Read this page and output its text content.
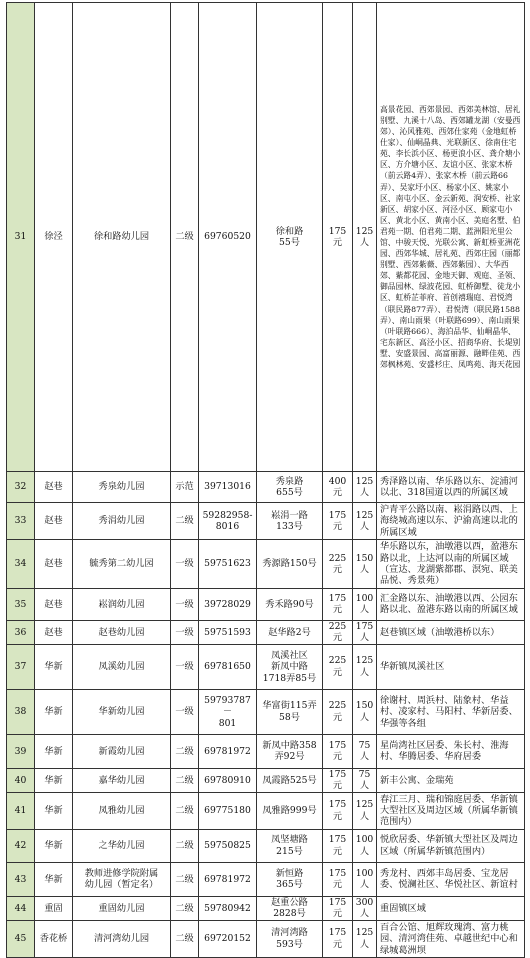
31	徐泾	徐和路幼儿园	二级	69760520	徐和路
55号	175元	125人	高景花园、西郊景园、西郊美林馆、居礼别墅、九溪十八岛、西郊罐龙湖（安曼西郊）、沁风雅苑、西郊仕家苑（金地虹桥仕家）、仙峒晶典、光联新区、徐南住宅苑、李长浜小区、杨更浪小区、龚介塘小区、方介塘小区、友谊小区、张家木桥（前云路4弄）、张家木桥（前云路66弄）、吴家圩小区、杨家小区、姚家小区、南屯小区、金云新苑、润安桥、社家新区、胡家小区、河泾小区、顾家屯小区、黄北小区、黄南小区、美庭名墅、伯君苑一期、伯君苑二期、蓝洲阳光里公馆、中骏天悦、光联公寓、新虹桥亚洲花园、西郊华城、居礼苑、西郊庄园（丽都别墅、西郊紫薇、西郊紫园）、大华西郊、紫都花园、金地天御、观庭、圣领、御品园林、绿波花园、虹桥御墅、徒龙小区、虹桥芷菲府、首创禧瑞庭、君悦湾（联民路877弄）、君悦湾（联民路1588弄）、南山雨果（叶联路699）、南山雨果（叶联路666）、海泊品华、仙峒晶华、宅东新区、高泾小区、招商华府、长堤别墅、安盛景园、高富丽源、融畔佳苑、西郊枫林苑、安盛杉庄、凤鸣苑、海天花园
32	赵巷	秀泉幼儿园	示范	39713016	秀泉路
655号	400元	125人	秀泽路以南、华乐路以东、淀浦河以北、318国道以西的所属区域
33	赵巷	秀涓幼儿园	二级	59282958-
8016	崧涓一路
133号	175元	125人	沪青平公路以南、崧涓路以西、上海绕城高速以东、沪渝高速以北的所属区域
34	赵巷	毓秀第二幼儿园	一级	59751623	秀源路150号	225元	150人	华乐路以东，油墩港以西，盈港东路以北，上达河以南的所属区域（宣达、龙湖紫都郡、溟宛、联美品悦、秀景苑）
35	赵巷	崧润幼儿园	一级	39728029	秀禾路90号	175元	100人	汇金路以东、油墩港以西、公园东路以北、盈港东路以南的所属区域
36	赵巷	赵巷幼儿园	一级	59751593	赵华路2号	225元	175人	赵巷镇区域（油墩港桥以东）
37	华新	凤溪幼儿园	一级	69781650	凤溪社区
新凤中路
1718弄85号	225元	125人	华新镇凤溪社区
38	华新	华新幼儿园	一级	59793787－
801	华富街115弄
58号	225元	150人	徐谢村、周浜村、陆象村、华益村、凌家村、马阳村、华新居委、华强等各组
39	华新	新霞幼儿园	二级	69781972	新凤中路358
弄92号	175元	75人	星尚湾社区居委、朱长村、淮海村、华腾居委、华府居委
40	华新	嘉华幼儿园	二级	69780910	凤霞路525号	175元	75人	新丰公寓、金瑞苑
41	华新	凤雅幼儿园	二级	69775180	凤雅路999号	175元	125人	春江三月、瑞和锦庭居委、华新镇大型社区及周边区域（所属华新镇范围内）
42	华新	之华幼儿园	二级	59750825	凤坚塘路
215号	175元	100人	悦欣居委、华新镇大型社区及周边区域（所属华新镇范围内）
43	华新	教师进修学院附属
幼儿园（暂定名）	二级	69781972	新恒路
365号	175元	100人	秀龙村、西郊丰岛居委、宝龙居委、悦澜社区、华悦社区、新谊村
44	重固	重固幼儿园	二级	59780942	赵重公路
2828号	175元	300人	重固镇区域
45	香花桥	清河湾幼儿园	二级	69720152	清河湾路
593号	175元	125人	百合公馆、旭辉玫瑰湾、富力桃园、清河湾佳苑、卓越世纪中心和绿城葛洲坝
